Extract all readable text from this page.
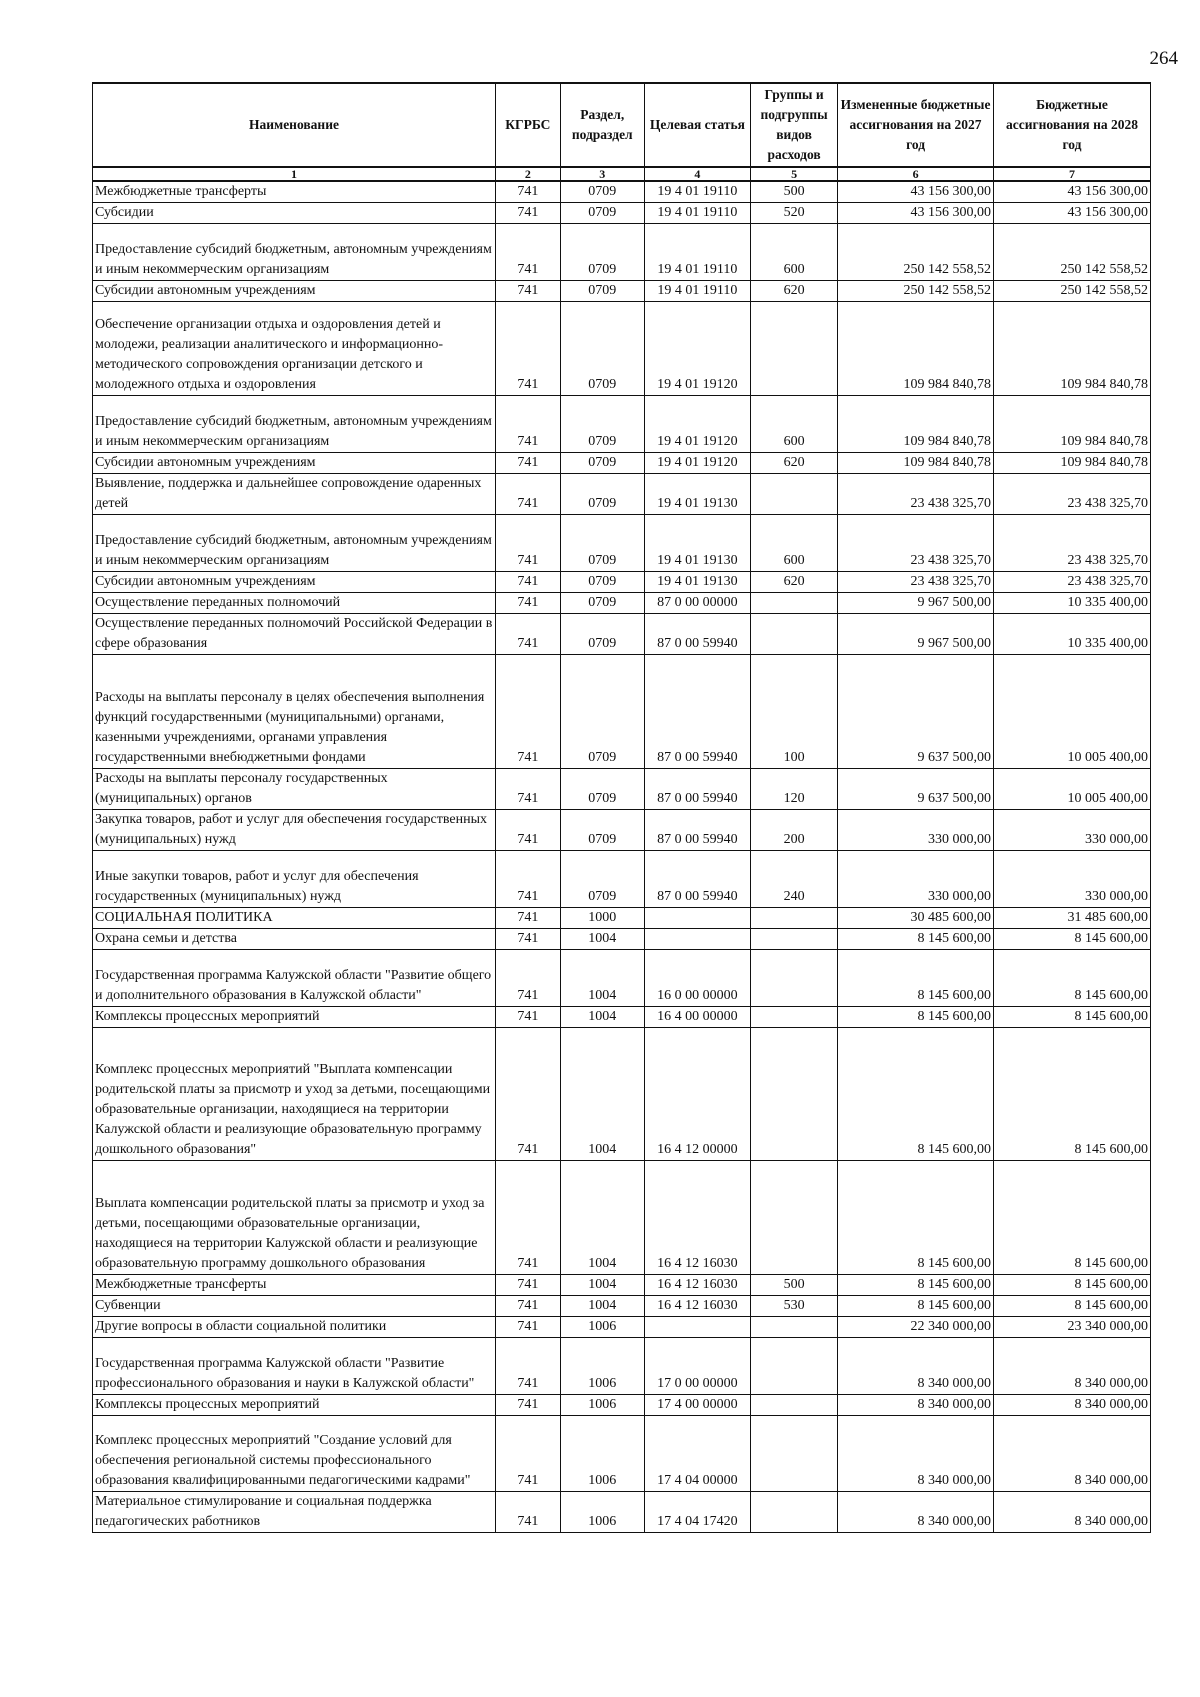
264
Наименование	КГРБС	Раздел, подраздел	Целевая статья	Группы и подгруппы видов расходов	Измененные бюджетные ассигнования на 2027 год	Бюджетные ассигнования на 2028 год
1	2	3	4	5	6	7
Межбюджетные трансферты	741	0709	19 4 01 19110	500	43 156 300,00	43 156 300,00
Субсидии	741	0709	19 4 01 19110	520	43 156 300,00	43 156 300,00
Предоставление субсидий бюджетным, автономным учреждениям и иным некоммерческим организациям	741	0709	19 4 01 19110	600	250 142 558,52	250 142 558,52
Субсидии автономным учреждениям	741	0709	19 4 01 19110	620	250 142 558,52	250 142 558,52
Обеспечение организации отдыха и оздоровления детей и молодежи, реализации аналитического и информационно-методического сопровождения организации детского и молодежного отдыха и оздоровления	741	0709	19 4 01 19120		109 984 840,78	109 984 840,78
Предоставление субсидий бюджетным, автономным учреждениям и иным некоммерческим организациям	741	0709	19 4 01 19120	600	109 984 840,78	109 984 840,78
Субсидии автономным учреждениям	741	0709	19 4 01 19120	620	109 984 840,78	109 984 840,78
Выявление, поддержка и дальнейшее сопровождение одаренных детей	741	0709	19 4 01 19130		23 438 325,70	23 438 325,70
Предоставление субсидий бюджетным, автономным учреждениям и иным некоммерческим организациям	741	0709	19 4 01 19130	600	23 438 325,70	23 438 325,70
Субсидии автономным учреждениям	741	0709	19 4 01 19130	620	23 438 325,70	23 438 325,70
Осуществление переданных полномочий	741	0709	87 0 00 00000		9 967 500,00	10 335 400,00
Осуществление переданных полномочий Российской Федерации в сфере образования	741	0709	87 0 00 59940		9 967 500,00	10 335 400,00
Расходы на выплаты персоналу в целях обеспечения выполнения функций государственными (муниципальными) органами, казенными учреждениями, органами управления государственными внебюджетными фондами	741	0709	87 0 00 59940	100	9 637 500,00	10 005 400,00
Расходы на выплаты персоналу государственных (муниципальных) органов	741	0709	87 0 00 59940	120	9 637 500,00	10 005 400,00
Закупка товаров, работ и услуг для обеспечения государственных (муниципальных) нужд	741	0709	87 0 00 59940	200	330 000,00	330 000,00
Иные закупки товаров, работ и услуг для обеспечения государственных (муниципальных) нужд	741	0709	87 0 00 59940	240	330 000,00	330 000,00
СОЦИАЛЬНАЯ ПОЛИТИКА	741	1000			30 485 600,00	31 485 600,00
Охрана семьи и детства	741	1004			8 145 600,00	8 145 600,00
Государственная программа Калужской области "Развитие общего и дополнительного образования в Калужской области"	741	1004	16 0 00 00000		8 145 600,00	8 145 600,00
Комплексы процессных мероприятий	741	1004	16 4 00 00000		8 145 600,00	8 145 600,00
Комплекс процессных мероприятий "Выплата компенсации родительской платы за присмотр и уход за детьми, посещающими образовательные организации, находящиеся на территории Калужской области и реализующие образовательную программу дошкольного образования"	741	1004	16 4 12 00000		8 145 600,00	8 145 600,00
Выплата компенсации родительской платы за присмотр и уход за детьми, посещающими образовательные организации, находящиеся на территории Калужской области и реализующие образовательную программу дошкольного образования	741	1004	16 4 12 16030		8 145 600,00	8 145 600,00
Межбюджетные трансферты	741	1004	16 4 12 16030	500	8 145 600,00	8 145 600,00
Субвенции	741	1004	16 4 12 16030	530	8 145 600,00	8 145 600,00
Другие вопросы в области социальной политики	741	1006			22 340 000,00	23 340 000,00
Государственная программа Калужской области "Развитие профессионального образования и науки в Калужской области"	741	1006	17 0 00 00000		8 340 000,00	8 340 000,00
Комплексы процессных мероприятий	741	1006	17 4 00 00000		8 340 000,00	8 340 000,00
Комплекс процессных мероприятий "Создание условий для обеспечения региональной системы профессионального образования квалифицированными педагогическими кадрами"	741	1006	17 4 04 00000		8 340 000,00	8 340 000,00
Материальное стимулирование и социальная поддержка педагогических работников	741	1006	17 4 04 17420		8 340 000,00	8 340 000,00
